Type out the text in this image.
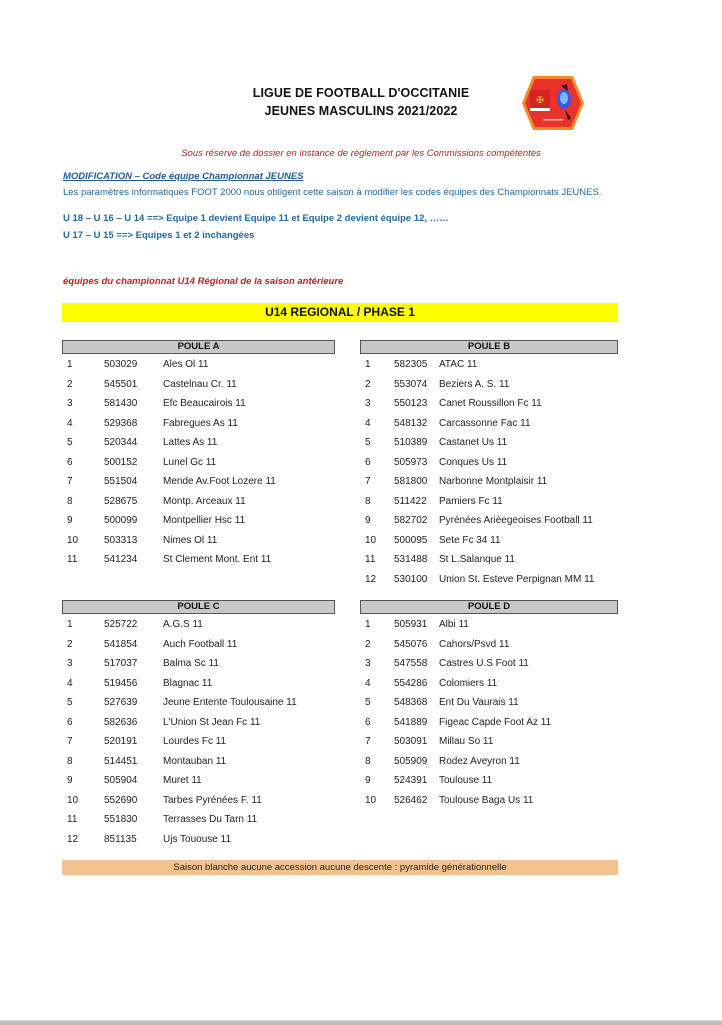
LIGUE DE FOOTBALL D'OCCITANIE
JEUNES MASCULINS 2021/2022
✠
Sous réserve de dossier en instance de règlement par les Commissions compétentes
MODIFICATION – Code équipe Championnat JEUNES
Les paramètres informatiques FOOT 2000 nous obligent cette saison à modifier les codes équipes des Championnats JEUNES.
U 18 – U 16 – U 14 ==> Equipe 1 devient Equipe 11 et Equipe 2 devient équipe 12, ……
U 17 – U 15 ==> Equipes 1 et 2 inchangées
équipes du championnat U14 Régional de la saison antérieure
U14 REGIONAL / PHASE 1
POULE A
1	503029	Ales Ol 11
2	545501	Castelnau Cr. 11
3	581430	Efc Beaucairois 11
4	529368	Fabregues As 11
5	520344	Lattes As 11
6	500152	Lunel Gc 11
7	551504	Mende Av.Foot Lozere 11
8	528675	Montp. Arceaux 11
9	500099	Montpellier Hsc 11
10	503313	Nimes Ol 11
11	541234	St Clement Mont. Ent 11
POULE B
1 582305 ATAC 11
2 553074 Beziers A. S. 11
3 550123 Canet Roussillon Fc 11
4 548132 Carcassonne Fac 11
5 510389 Castanet Us 11
6 505973 Conques Us 11
7 581800 Narbonne Montplaisir 11
8 511422 Pamiers Fc 11
9 582702 Pyrénées Arièegeoises Football 11
10 500095 Sete Fc 34 11
11 531488 St L.Salanque 11
12 530100 Union St. Esteve Perpignan MM 11
POULE C
1	525722	A.G.S 11
2	541854	Auch Football 11
3	517037	Balma Sc 11
4	519456	Blagnac 11
5	527639	Jeune Entente Toulousaine 11
6	582636	L'Union St Jean Fc 11
7	520191	Lourdes Fc 11
8	514451	Montauban 11
9	505904	Muret 11
10	552690	Tarbes Pyrénées F. 11
11	551830	Terrasses Du Tarn 11
12	851135	Ujs Tououse 11
POULE D
1 505931 Albi 11
2 545076 Cahors/Psvd 11
3 547558 Castres U.S Foot 11
4 554286 Colomiers 11
5 548368 Ent Du Vaurais 11
6 541889 Figeac Capde Foot Az 11
7 503091 Millau So 11
8 505909 Rodez Aveyron 11
9 524391 Toulouse 11
10 526462 Toulouse Baga Us 11
Saison blanche aucune accession aucune descente : pyramide générationnelle
